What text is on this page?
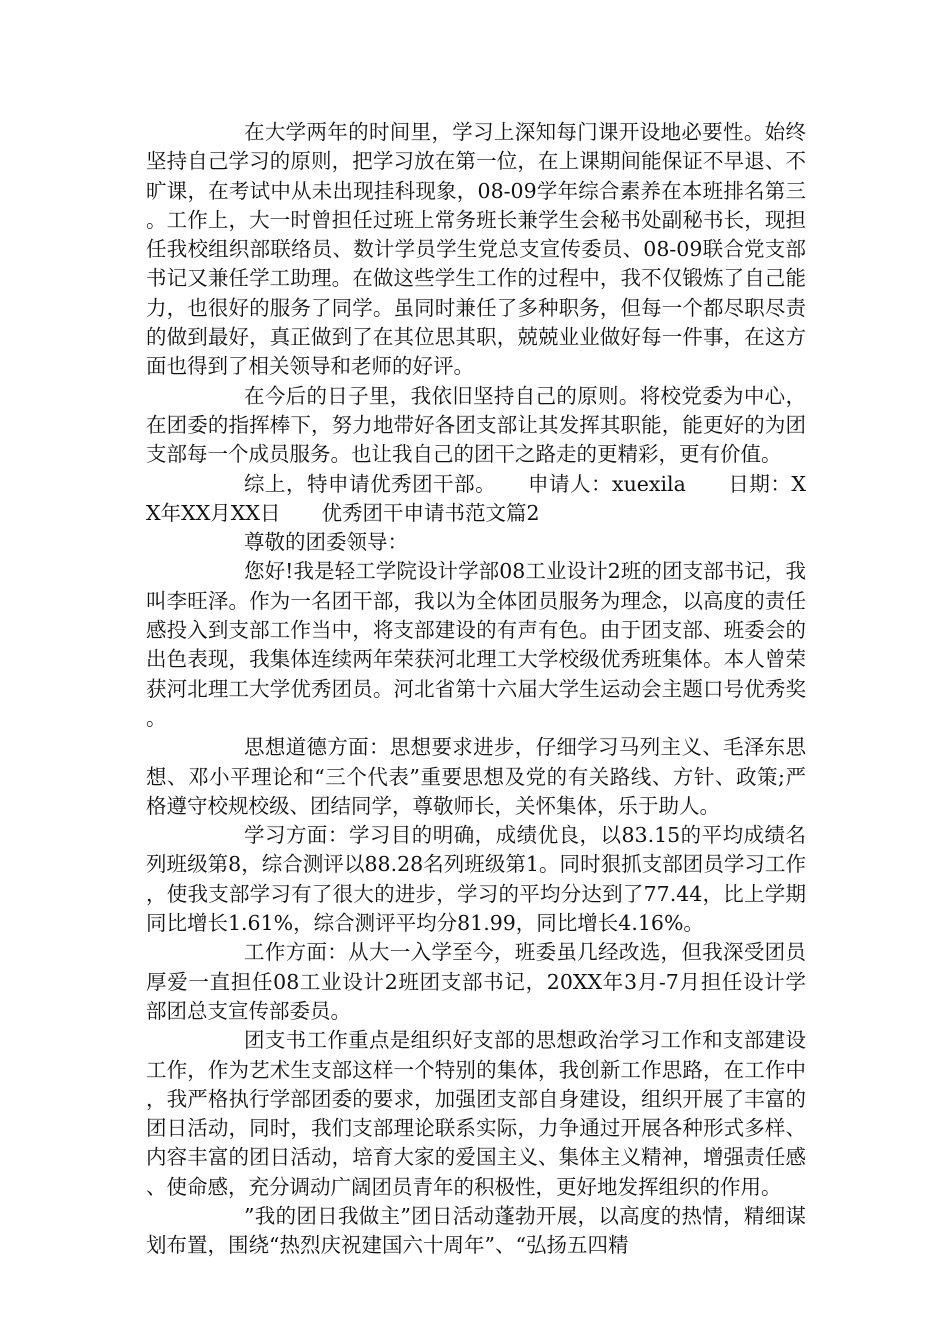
在大学两年的时间里，学习上深知每门课开设地必要性。始终坚持自己学习的原则，把学习放在第一位，在上课期间能保证不早退、不旷课，在考试中从未出现挂科现象，08-09学年综合素养在本班排名第三。工作上，大一时曾担任过班上常务班长兼学生会秘书处副秘书长，现担任我校组织部联络员、数计学员学生党总支宣传委员、08-09联合党支部书记又兼任学工助理。在做这些学生工作的过程中，我不仅锻炼了自己能力，也很好的服务了同学。虽同时兼任了多种职务，但每一个都尽职尽责的做到最好，真正做到了在其位思其职，兢兢业业做好每一件事，在这方面也得到了相关领导和老师的好评。

在今后的日子里，我依旧坚持自己的原则。将校党委为中心，在团委的指挥棒下，努力地带好各团支部让其发挥其职能，能更好的为团支部每一个成员服务。也让我自己的团干之路走的更精彩，更有价值。

综上，特申请优秀团干部。　　申请人：xuexila　　日期：XX年XX月XX日　　优秀团干申请书范文篇2

尊敬的团委领导：

您好!我是轻工学院设计学部08工业设计2班的团支部书记，我叫李旺泽。作为一名团干部，我以为全体团员服务为理念，以高度的责任感投入到支部工作当中，将支部建设的有声有色。由于团支部、班委会的出色表现，我集体连续两年荣获河北理工大学校级优秀班集体。本人曾荣获河北理工大学优秀团员。河北省第十六届大学生运动会主题口号优秀奖。

思想道德方面：思想要求进步，仔细学习马列主义、毛泽东思想、邓小平理论和“三个代表”重要思想及党的有关路线、方针、政策;严格遵守校规校级、团结同学，尊敬师长，关怀集体，乐于助人。

学习方面：学习目的明确，成绩优良，以83.15的平均成绩名列班级第8，综合测评以88.28名列班级第1。同时狠抓支部团员学习工作，使我支部学习有了很大的进步，学习的平均分达到了77.44，比上学期同比增长1.61%，综合测评平均分81.99，同比增长4.16%。

工作方面：从大一入学至今，班委虽几经改选，但我深受团员厚爱一直担任08工业设计2班团支部书记，20XX年3月-7月担任设计学部团总支宣传部委员。

团支书工作重点是组织好支部的思想政治学习工作和支部建设工作，作为艺术生支部这样一个特别的集体，我创新工作思路，在工作中，我严格执行学部团委的要求，加强团支部自身建设，组织开展了丰富的团日活动，同时，我们支部理论联系实际，力争通过开展各种形式多样、内容丰富的团日活动，培育大家的爱国主义、集体主义精神，增强责任感、使命感，充分调动广阔团员青年的积极性，更好地发挥组织的作用。

”我的团日我做主”团日活动蓬勃开展，以高度的热情，精细谋划布置，围绕“热烈庆祝建国六十周年”、“弘扬五四精
